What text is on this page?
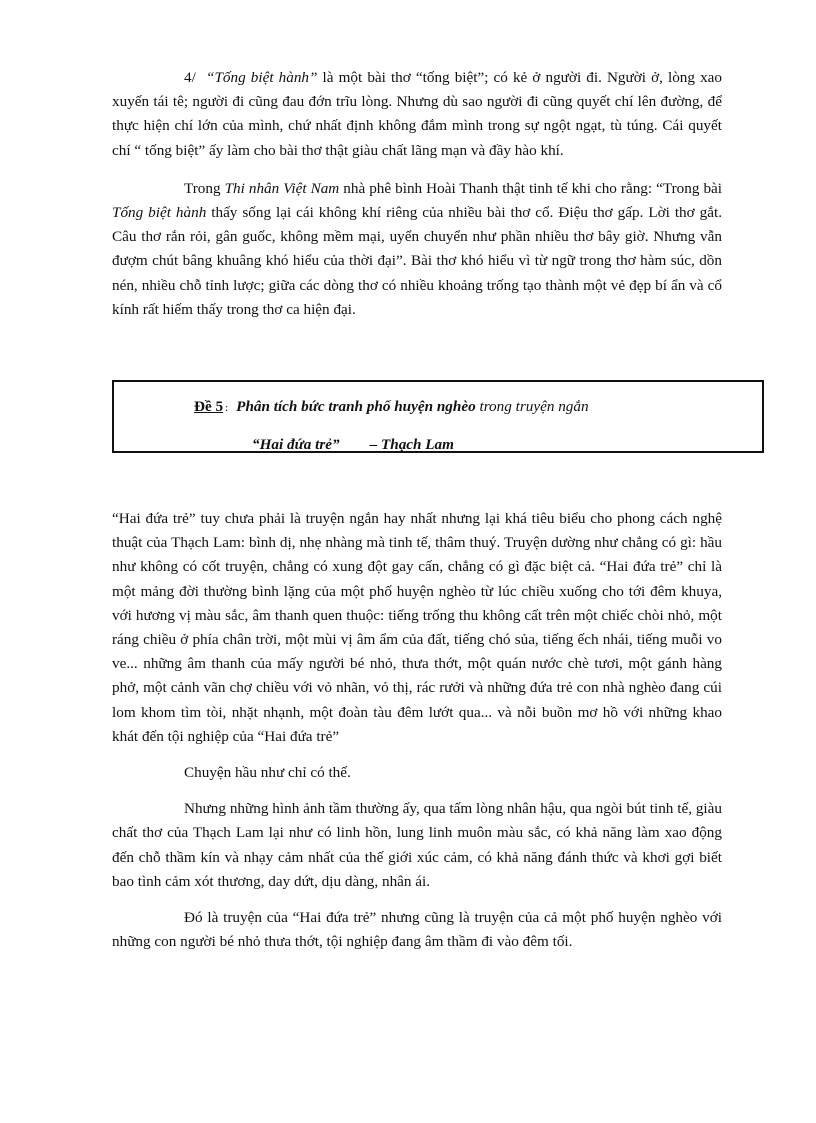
4/ “Tống biệt hành” là một bài thơ “tống biệt”; có kẻ ở người đi. Người ở, lòng xao xuyến tái tê; người đi cũng đau đớn trĩu lòng. Nhưng dù sao người đi cũng quyết chí lên đường, để thực hiện chí lớn của mình, chứ nhất định không đắm mình trong sự ngột ngạt, tù túng. Cái quyết chí “ tống biệt” ấy làm cho bài thơ thật giàu chất lãng mạn và đầy hào khí.

Trong Thi nhân Việt Nam nhà phê bình Hoài Thanh thật tinh tế khi cho rằng: “Trong bài Tống biệt hành thấy sống lại cái không khí riêng của nhiều bài thơ cổ. Điệu thơ gấp. Lời thơ gắt. Câu thơ rắn rỏi, gân guốc, không mềm mại, uyển chuyển như phần nhiều thơ bây giờ. Nhưng vẫn đượm chút bâng khuâng khó hiểu của thời đại”. Bài thơ khó hiểu vì từ ngữ trong thơ hàm súc, dồn nén, nhiều chỗ tỉnh lược; giữa các dòng thơ có nhiều khoảng trống tạo thành một vẻ đẹp bí ẩn và cổ kính rất hiếm thấy trong thơ ca hiện đại.

Đề 5 : Phân tích bức tranh phố huyện nghèo trong truyện ngắn
“Hai đứa trẻ” – Thạch Lam

“Hai đứa trẻ” tuy chưa phải là truyện ngắn hay nhất nhưng lại khá tiêu biểu cho phong cách nghệ thuật của Thạch Lam: bình dị, nhẹ nhàng mà tinh tế, thâm thuý. Truyện dường như chẳng có gì: hầu như không có cốt truyện, chẳng có xung đột gay cấn, chẳng có gì đặc biệt cả. “Hai đứa trẻ” chỉ là một mảng đời thường bình lặng của một phố huyện nghèo từ lúc chiều xuống cho tới đêm khuya, với hương vị màu sắc, âm thanh quen thuộc: tiếng trống thu không cất trên một chiếc chòi nhỏ, một ráng chiều ở phía chân trời, một mùi vị âm ẩm của đất, tiếng chó sủa, tiếng ếch nhái, tiếng muỗi vo ve... những âm thanh của mấy người bé nhỏ, thưa thớt, một quán nước chè tươi, một gánh hàng phở, một cảnh vãn chợ chiều với vỏ nhãn, vỏ thị, rác rưởi và những đứa trẻ con nhà nghèo đang cúi lom khom tìm tòi, nhặt nhạnh, một đoàn tàu đêm lướt qua... và nỗi buồn mơ hồ với những khao khát đến tội nghiệp của “Hai đứa trẻ”

Chuyện hầu như chỉ có thế.

Nhưng những hình ảnh tầm thường ấy, qua tấm lòng nhân hậu, qua ngòi bút tinh tế, giàu chất thơ của Thạch Lam lại như có linh hồn, lung linh muôn màu sắc, có khả năng làm xao động đến chỗ thầm kín và nhạy cảm nhất của thế giới xúc cảm, có khả năng đánh thức và khơi gợi biết bao tình cảm xót thương, day dứt, dịu dàng, nhân ái.

Đó là truyện của “Hai đứa trẻ” nhưng cũng là truyện của cả một phố huyện nghèo với những con người bé nhỏ thưa thớt, tội nghiệp đang âm thầm đi vào đêm tối.
